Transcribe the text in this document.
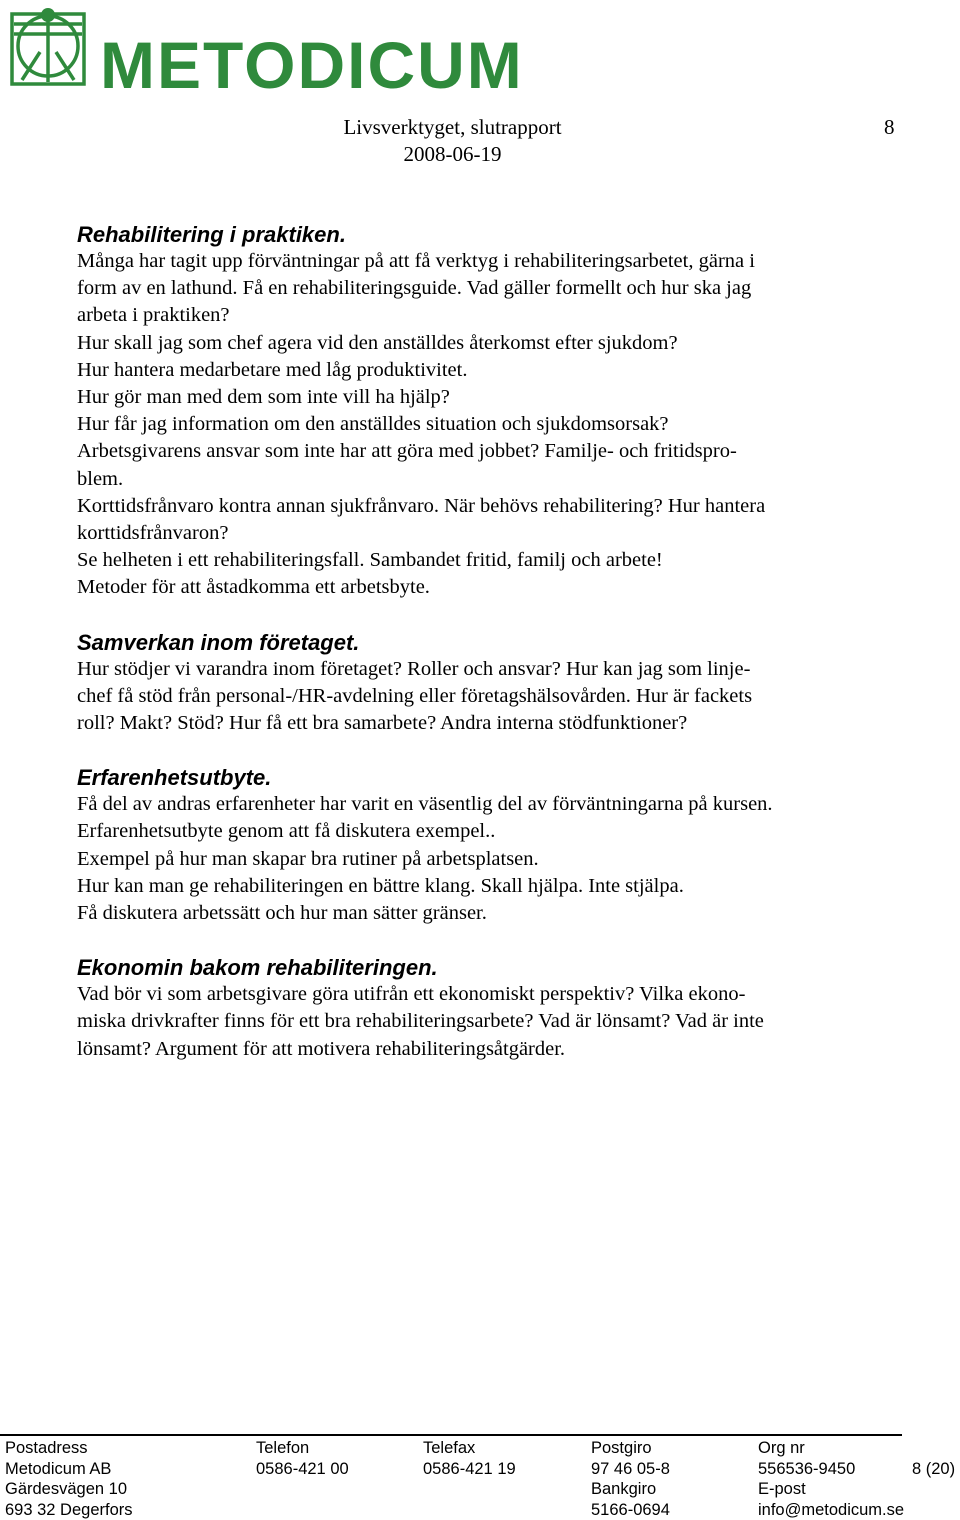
METODICUM
Livsverktyget, slutrapport
2008-06-19
8
Rehabilitering i praktiken.

Många har tagit upp förväntningar på att få verktyg i rehabiliteringsarbetet, gärna i

form av en lathund. Få en rehabiliteringsguide. Vad gäller formellt och hur ska jag

arbeta i praktiken?

Hur skall jag som chef agera vid den anställdes återkomst efter sjukdom?

Hur hantera medarbetare med låg produktivitet.

Hur gör man med dem som inte vill ha hjälp?

Hur får jag information om den anställdes situation och sjukdomsorsak?

Arbetsgivarens ansvar som inte har att göra med jobbet? Familje- och fritidspro-

blem.

Korttidsfrånvaro kontra annan sjukfrånvaro. När behövs rehabilitering? Hur hantera

korttidsfrånvaron?

Se helheten i ett rehabiliteringsfall. Sambandet fritid, familj och arbete!

Metoder för att åstadkomma ett arbetsbyte.

Samverkan inom företaget.

Hur stödjer vi varandra inom företaget? Roller och ansvar? Hur kan jag som linje-

chef få stöd från personal-/HR-avdelning eller företagshälsovården. Hur är fackets

roll? Makt? Stöd? Hur få ett bra samarbete? Andra interna stödfunktioner?

Erfarenhetsutbyte.

Få del av andras erfarenheter har varit en väsentlig del av förväntningarna på kursen.

Erfarenhetsutbyte genom att få diskutera exempel..

Exempel på hur man skapar bra rutiner på arbetsplatsen.

Hur kan man ge rehabiliteringen en bättre klang. Skall hjälpa. Inte stjälpa.

Få diskutera arbetssätt och hur man sätter gränser.

Ekonomin bakom rehabiliteringen.

Vad bör vi som arbetsgivare göra utifrån ett ekonomiskt perspektiv? Vilka ekono-

miska drivkrafter finns för ett bra rehabiliteringsarbete? Vad är lönsamt? Vad är inte

lönsamt? Argument för att motivera rehabiliteringsåtgärder.

8 (20)
Postadress
Metodicum AB
Gärdesvägen 10
693 32 Degerfors
Telefon
0586-421 00
Telefax
0586-421 19
Postgiro
97 46 05-8
Bankgiro
5166-0694
Org nr
556536-9450
E-post
info@metodicum.se
